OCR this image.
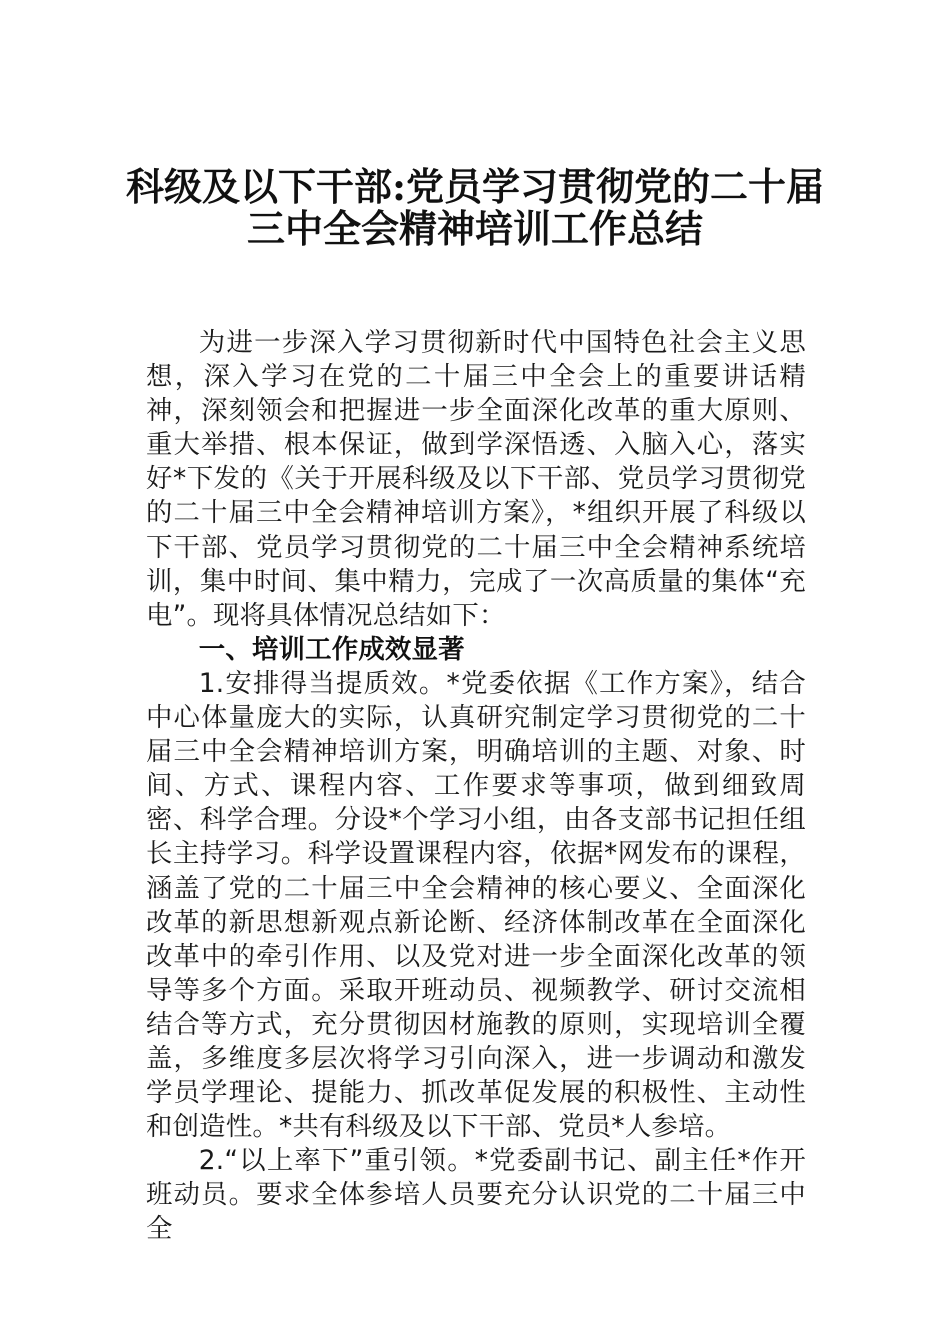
科级及以下干部:党员学习贯彻党的二十届
三中全会精神培训工作总结

为进一步深入学习贯彻新时代中国特色社会主义思想，深入学习在党的二十届三中全会上的重要讲话精神，深刻领会和把握进一步全面深化改革的重大原则、重大举措、根本保证，做到学深悟透、入脑入心，落实好*下发的《关于开展科级及以下干部、党员学习贯彻党的二十届三中全会精神培训方案》，*组织开展了科级以下干部、党员学习贯彻党的二十届三中全会精神系统培训，集中时间、集中精力，完成了一次高质量的集体“充电”。现将具体情况总结如下：

一、培训工作成效显著

1.安排得当提质效。*党委依据《工作方案》，结合中心体量庞大的实际，认真研究制定学习贯彻党的二十届三中全会精神培训方案，明确培训的主题、对象、时间、方式、课程内容、工作要求等事项，做到细致周密、科学合理。分设*个学习小组，由各支部书记担任组长主持学习。科学设置课程内容，依据*网发布的课程，涵盖了党的二十届三中全会精神的核心要义、全面深化改革的新思想新观点新论断、经济体制改革在全面深化改革中的牵引作用、以及党对进一步全面深化改革的领导等多个方面。采取开班动员、视频教学、研讨交流相结合等方式，充分贯彻因材施教的原则，实现培训全覆盖，多维度多层次将学习引向深入，进一步调动和激发学员学理论、提能力、抓改革促发展的积极性、主动性和创造性。*共有科级及以下干部、党员*人参培。

2.“以上率下”重引领。*党委副书记、副主任*作开班动员。要求全体参培人员要充分认识党的二十届三中全
